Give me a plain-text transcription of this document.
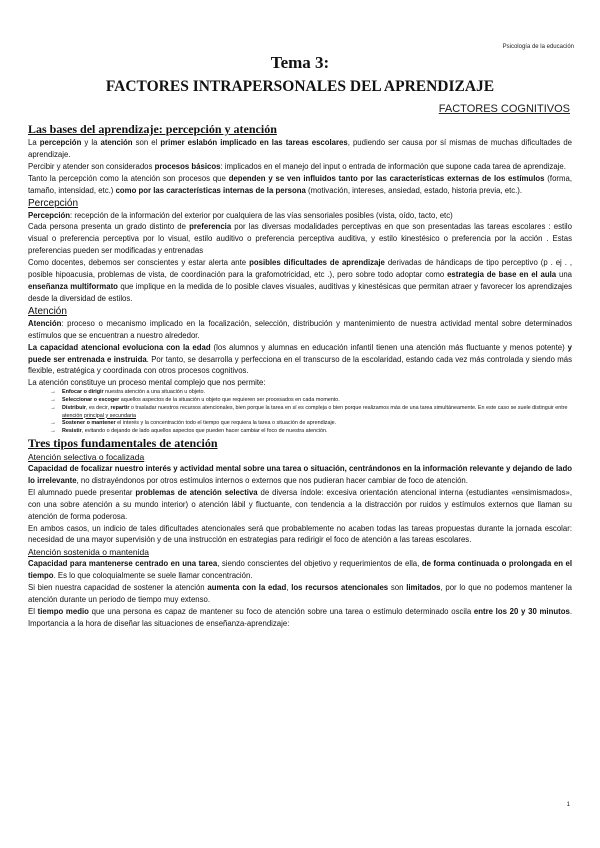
Psicología de la educación
Tema 3:
FACTORES INTRAPERSONALES DEL APRENDIZAJE
FACTORES COGNITIVOS
Las bases del aprendizaje: percepción y atención

La percepción y la atención son el primer eslabón implicado en las tareas escolares, pudiendo ser causa por sí mismas de muchas dificultades de aprendizaje.

Percibir y atender son considerados procesos básicos: implicados en el manejo del input o entrada de información que supone cada tarea de aprendizaje.

Tanto la percepción como la atención son procesos que dependen y se ven influidos tanto por las características externas de los estímulos (forma, tamaño, intensidad, etc.) como por las características internas de la persona (motivación, intereses, ansiedad, estado, historia previa, etc.).

Percepción

Percepción: recepción de la información del exterior por cualquiera de las vías sensoriales posibles (vista, oído, tacto, etc)

Cada persona presenta un grado distinto de preferencia por las diversas modalidades perceptivas en que son presentadas las tareas escolares : estilo visual o preferencia perceptiva por lo visual, estilo auditivo o preferencia perceptiva auditiva, y estilo kinestésico o preferencia por la acción . Estas preferencias pueden ser modificadas y entrenadas

Como docentes, debemos ser conscientes y estar alerta ante posibles dificultades de aprendizaje derivadas de hándicaps de tipo perceptivo (p . ej . , posible hipoacusia, problemas de vista, de coordinación para la grafomotricidad, etc .), pero sobre todo adoptar como estrategia de base en el aula una enseñanza multiformato que implique en la medida de lo posible claves visuales, auditivas y kinestésicas que permitan atraer y favorecer los aprendizajes desde la diversidad de estilos.

Atención

Atención: proceso o mecanismo implicado en la focalización, selección, distribución y mantenimiento de nuestra actividad mental sobre determinados estímulos que se encuentran a nuestro alrededor.

La capacidad atencional evoluciona con la edad (los alumnos y alumnas en educación infantil tienen una atención más fluctuante y menos potente) y puede ser entrenada e instruida. Por tanto, se desarrolla y perfecciona en el transcurso de la escolaridad, estando cada vez más controlada y siendo más flexible, estratégica y coordinada con otros procesos cognitivos.

La atención constituye un proceso mental complejo que nos permite:

→ Enfocar o dirigir nuestra atención a una situación u objeto.
→ Seleccionar o escoger aquellos aspectos de la situación u objeto que requieren ser procesados en cada momento.
→ Distribuir, es decir, repartir o trasladar nuestros recursos atencionales, bien porque la tarea en sí es compleja o bien porque realizamos más de una tarea simultáneamente. En este caso se suele distinguir entre atención principal y secundaria
→ Sostener o mantener el interés y la concentración todo el tiempo que requiera la tarea o situación de aprendizaje.
→ Resistir, evitando o dejando de lado aquellos aspectos que pueden hacer cambiar el foco de nuestra atención.
Tres tipos fundamentales de atención
Atención selectiva o focalizada

Capacidad de focalizar nuestro interés y actividad mental sobre una tarea o situación, centrándonos en la información relevante y dejando de lado lo irrelevante, no distrayéndonos por otros estímulos internos o externos que nos pudieran hacer cambiar de foco de atención.

El alumnado puede presentar problemas de atención selectiva de diversa índole: excesiva orientación atencional interna (estudiantes «ensimismados», con una sobre atención a su mundo interior) o atención lábil y fluctuante, con tendencia a la distracción por ruidos y estímulos externos que llaman su atención de forma poderosa.

En ambos casos, un indicio de tales dificultades atencionales será que probablemente no acaben todas las tareas propuestas durante la jornada escolar: necesidad de una mayor supervisión y de una instrucción en estrategias para redirigir el foco de atención a las tareas escolares.

Atención sostenida o mantenida

Capacidad para mantenerse centrado en una tarea, siendo conscientes del objetivo y requerimientos de ella, de forma continuada o prolongada en el tiempo. Es lo que coloquialmente se suele llamar concentración.

Si bien nuestra capacidad de sostener la atención aumenta con la edad, los recursos atencionales son limitados, por lo que no podemos mantener la atención durante un periodo de tiempo muy extenso.

El tiempo medio que una persona es capaz de mantener su foco de atención sobre una tarea o estímulo determinado oscila entre los 20 y 30 minutos. Importancia a la hora de diseñar las situaciones de enseñanza-aprendizaje:

1
